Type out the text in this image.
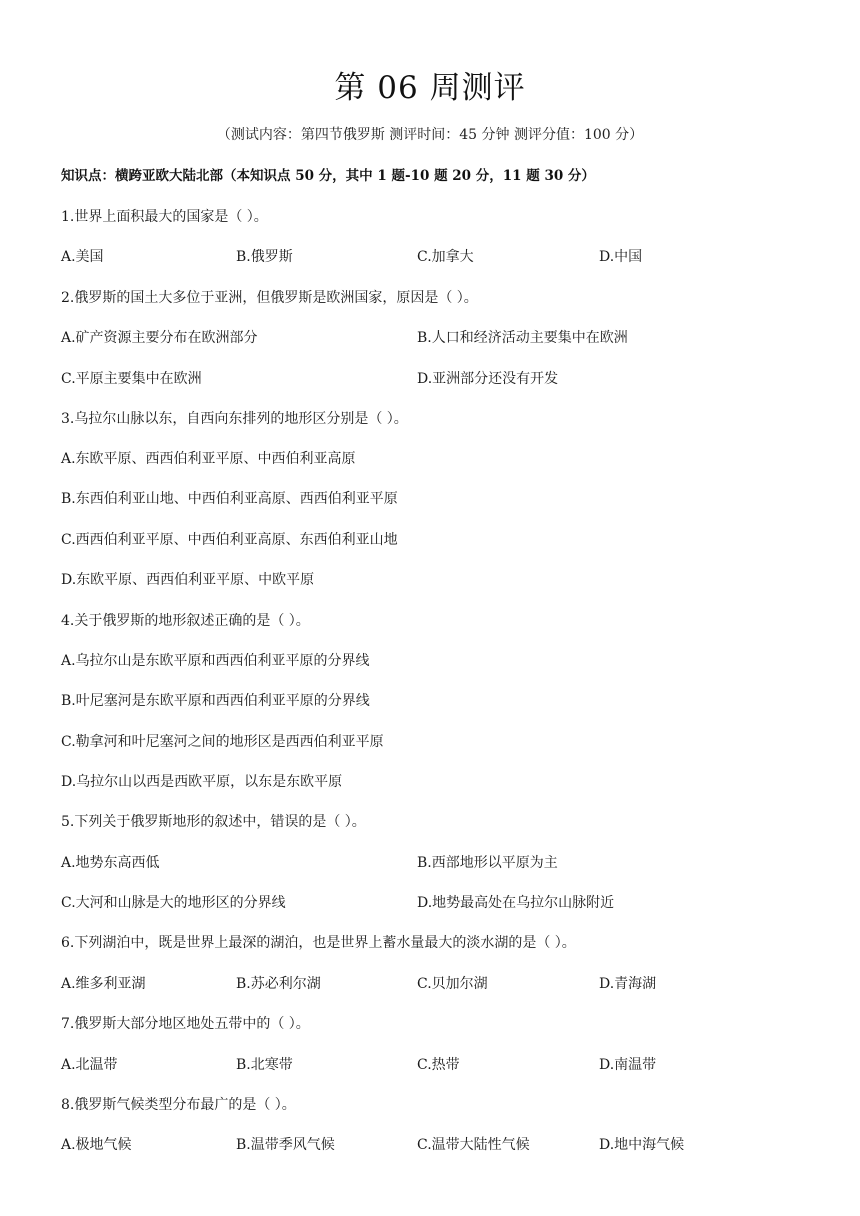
第 06 周测评
（测试内容：第四节俄罗斯 测评时间：45 分钟 测评分值：100 分）
知识点：横跨亚欧大陆北部（本知识点 50 分，其中 1 题-10 题 20 分，11 题 30 分）
1.世界上面积最大的国家是（ ）。
A.美国	B.俄罗斯	C.加拿大	D.中国
2.俄罗斯的国土大多位于亚洲，但俄罗斯是欧洲国家，原因是（ ）。
A.矿产资源主要分布在欧洲部分	B.人口和经济活动主要集中在欧洲
C.平原主要集中在欧洲	D.亚洲部分还没有开发
3.乌拉尔山脉以东，自西向东排列的地形区分别是（ ）。
A.东欧平原、西西伯利亚平原、中西伯利亚高原
B.东西伯利亚山地、中西伯利亚高原、西西伯利亚平原
C.西西伯利亚平原、中西伯利亚高原、东西伯利亚山地
D.东欧平原、西西伯利亚平原、中欧平原
4.关于俄罗斯的地形叙述正确的是（ ）。
A.乌拉尔山是东欧平原和西西伯利亚平原的分界线
B.叶尼塞河是东欧平原和西西伯利亚平原的分界线
C.勒拿河和叶尼塞河之间的地形区是西西伯利亚平原
D.乌拉尔山以西是西欧平原，以东是东欧平原
5.下列关于俄罗斯地形的叙述中，错误的是（ ）。
A.地势东高西低	B.西部地形以平原为主
C.大河和山脉是大的地形区的分界线	D.地势最高处在乌拉尔山脉附近
6.下列湖泊中，既是世界上最深的湖泊，也是世界上蓄水量最大的淡水湖的是（ ）。
A.维多利亚湖	B.苏必利尔湖	C.贝加尔湖	D.青海湖
7.俄罗斯大部分地区地处五带中的（ ）。
A.北温带	B.北寒带	C.热带	D.南温带
8.俄罗斯气候类型分布最广的是（ ）。
A.极地气候	B.温带季风气候	C.温带大陆性气候	D.地中海气候
